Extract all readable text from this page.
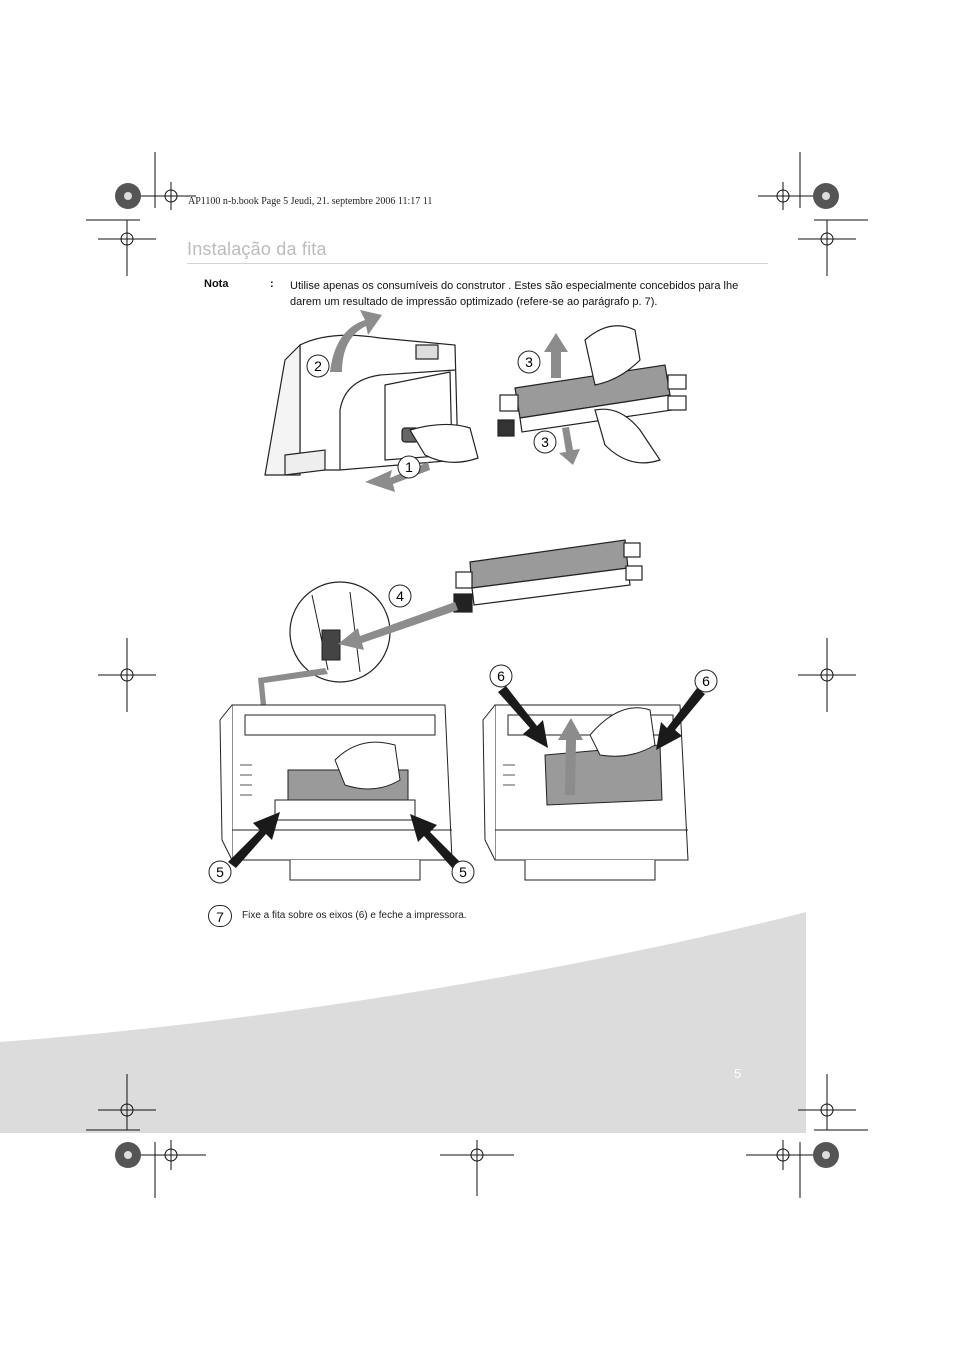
AP1100 n-b.book Page 5 Jeudi, 21. septembre 2006 11:17 11
Instalação da fita
Nota	: Utilise apenas os consumíveis do construtor . Estes são especialmente concebidos para lhe darem um resultado de impressão optimizado (refere-se ao parágrafo p. 7).
2
1
3
3
4
5	5
6	6
7	Fixe a fita sobre os eixos (6) e feche a impressora.
5
